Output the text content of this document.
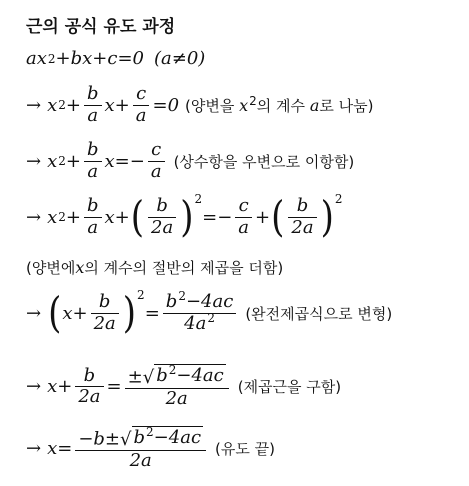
근의 공식 유도 과정
ax 2 +bx+c=0 (a≠0)
→ x $2 + \frac{b}{a} x+ \frac{c}{a} =0$ (양변을 $x^2$의 계수 a로 나눔)
→ x $2 + \frac{b}{a} x=- \frac{c}{a}$ (상수항을 우변으로 이항함)
→ x $2 + \frac{b}{a} x+$ ( $\frac{b}{2a}$ ) 2
=− $\frac{c}{a}$ + ( $\frac{b}{2a}$ ) 2
(양변에 x 의 계수의 절반의 제곱을 더함)
→ ( $x+ \frac{b}{2a}$ ) 2
= $\frac{b^2-4ac}{4a^2}$ (완전제곱식으로 변형)
→ $x+ \frac{b}{2a} = \frac{\pm √ b^2-4ac}{2a}$ (제곱근을 구함)
→ $x= \frac{-b\pm √ b^2-4ac}{2a}$ (유도 끝)
